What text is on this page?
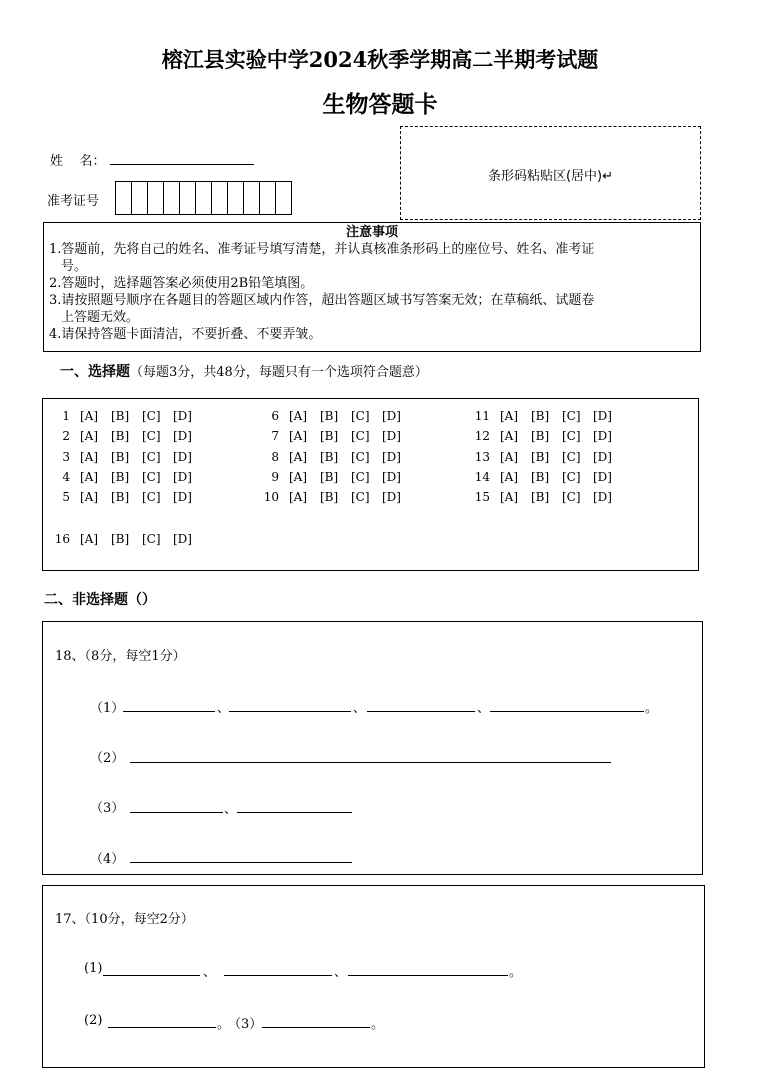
榕江县实验中学2024秋季学期高二半期考试题
生物答题卡
姓    名：
准考证号
条形码粘贴区(居中)↵
注意事项

1.答题前，先将自己的姓名、准考证号填写清楚，并认真核准条形码上的座位号、姓名、准考证

号。

2.答题时，选择题答案必须使用2B铅笔填图。

3.请按照题号顺序在各题目的答题区域内作答，超出答题区域书写答案无效；在草稿纸、试题卷

上答题无效。

4.请保持答题卡面清洁，不要折叠、不要弄皱。

一、选择题（每题3分，共48分，每题只有一个选项符合题意）
1 [A]	[B]	[C]	[D]
2 [A]	[B]	[C]	[D]
3 [A]	[B]	[C]	[D]
4 [A]	[B]	[C]	[D]
5 [A]	[B]	[C]	[D]
6 [A]	[B]	[C]	[D]
7 [A]	[B]	[C]	[D]
8 [A]	[B]	[C]	[D]
9 [A]	[B]	[C]	[D]
10 [A]	[B]	[C]	[D]
11 [A]	[B]	[C]	[D]
12 [A]	[B]	[C]	[D]
13 [A]	[B]	[C]	[D]
14 [A]	[B]	[C]	[D]
15 [A]	[B]	[C]	[D]
16 [A]	[B]	[C]	[D]
二、非选择题（）
18、（8分，每空1分）
（1）	、	、	、	。
（2）
（3）	、
（4）
17、（10分，每空2分）
(1)	、	、	。
(2)	。
（3）	。
